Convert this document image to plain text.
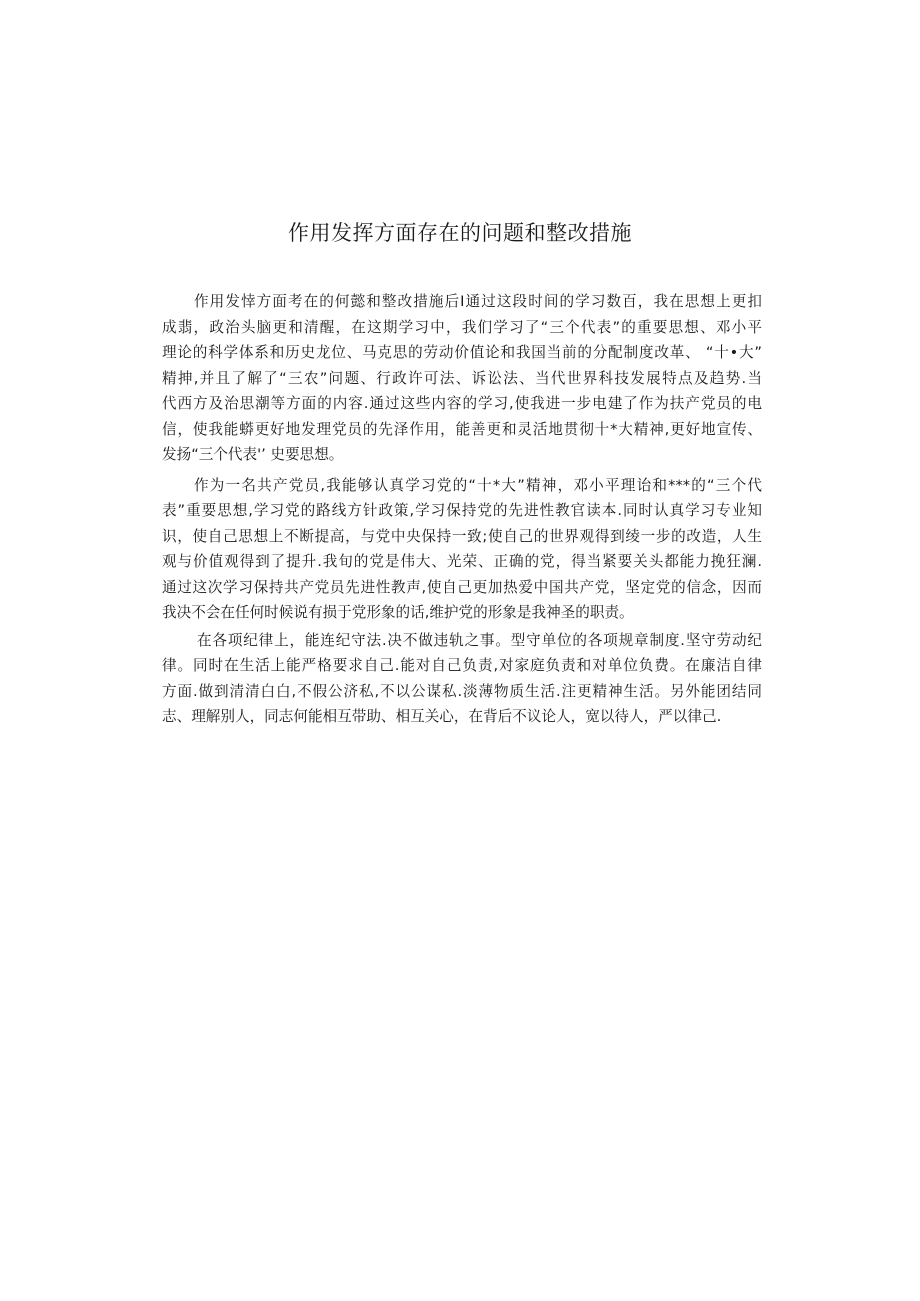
作用发挥方面存在的问题和整改措施

作用发悻方面考在的何懿和整改措施后I通过这段时间的学习数百，我在思想上更扣
成翡，政治头脑更和清醒，在这期学习中，我们学习了“三个代表”的重要思想、邓小平
理论的科学体系和历史龙位、马克思的劳动价值论和我国当前的分配制度改革、 “十•大”
精抻,并且了解了“三农”问题、行政许可法、诉讼法、当代世界科技发展特点及趋势.当
代西方及治思潮等方面的内容.通过这些内容的学习,使我进一步电建了作为扶产党员的电
信，使我能蟒更好地发理党员的先泽作用，能善更和灵活地贯彻十*大精神,更好地宣传、
发扬“三个代表'’ 史要思想。

作为一名共产党员,我能够认真学习党的“十*大”精神，邓小平理诒和***的“三个代
表”重要思想,学习党的路线方针政策,学习保持党的先进性教官读本.同时认真学习专业知
识，使自己思想上不断提高，与党中央保持一致;使自己的世界观得到绫一步的改造，人生
观与价值观得到了提升.我旬的党是伟大、光荣、正确的党，得当紧要关头都能力挽狂澜.
通过这次学习保持共产党员先进性教声,使自己更加热爱中国共产党，坚定党的信念，因而
我决不会在任何时候说有损于党形象的话,维护党的形象是我神圣的职责。

在各项纪律上，能连纪守法.决不做违轨之事。型守单位的各项规章制度.坚守劳动纪
律。同时在生活上能严格要求自己.能对自己负责,对家庭负责和对单位负费。在廉洁自律
方面.做到清清白白,不假公济私,不以公谋私.淡薄物质生活.注更精神生活。另外能团结同
志、理解别人，同志何能相互带助、相互关心，在背后不议论人，宽以待人，严以律己.
